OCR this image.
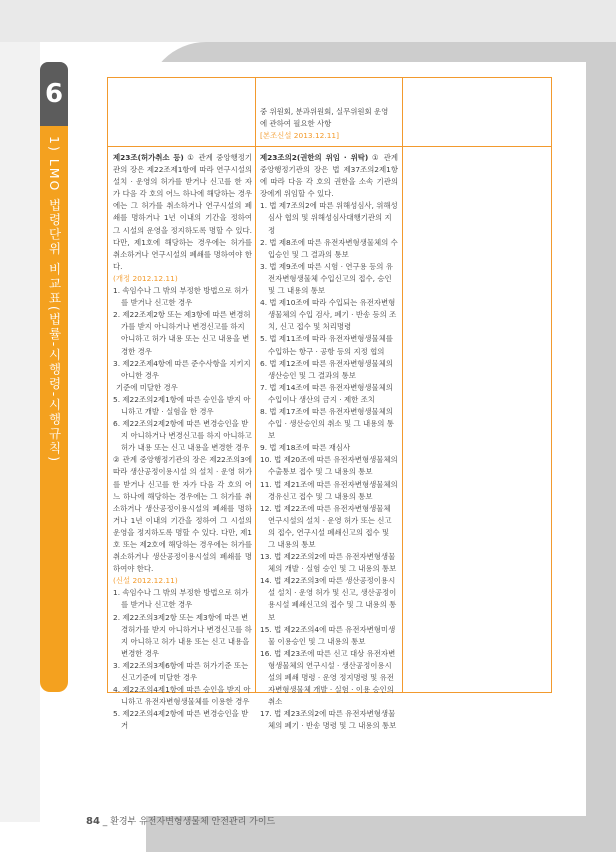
6
1) LMO 법령단위 비교표(법률-시행령-시행규칙)

중 위원회, 분과위원회, 실무위원회 운영

에 관하여 필요한 사항

[본조신설 2013.12.11]

제23조(허가취소 등) ① 관계 중앙행정기관의 장은 제22조제1항에 따라 연구시설의 설치 · 운영의 허가를 받거나 신고를 한 자가 다음 각 호의 어느 하나에 해당하는 경우에는 그 허가를 취소하거나 연구시설의 폐쇄를 명하거나 1년 이내의 기간을 정하여 그 시설의 운영을 정지하도록 명할 수 있다. 다만, 제1호에 해당하는 경우에는 허가를 취소하거나 연구시설의 폐쇄를 명하여야 한다.

(개정 2012.12.11)

1. 속임수나 그 밖의 부정한 방법으로 허가를 받거나 신고한 경우

2. 제22조제2항 또는 제3항에 따른 변경허가를 받지 아니하거나 변경신고를 하지 아니하고 허가 내용 또는 신고 내용을 변경한 경우

3. 제22조제4항에 따른 준수사항을 지키지 아니한 경우

기준에 미달한 경우

5. 제22조의2제1항에 따른 승인을 받지 아니하고 개발 · 실험을 한 경우

6. 제22조의2제2항에 따른 변경승인을 받지 아니하거나 변경신고를 하지 아니하고 허가 내용 또는 신고 내용을 변경한 경우

② 관계 중앙행정기관의 장은 제22조의3에 따라 생산공정이용시설 의 설치 · 운영 허가를 받거나 신고를 한 자가 다음 각 호의 어느 하나에 해당하는 경우에는 그 허가를 취소하거나 생산공정이용시설의 폐쇄를 명하거나 1년 이내의 기간을 정하여 그 시설의 운영을 정지하도록 명할 수 있다. 다만, 제1호 또는 제2호에 해당하는 경우에는 허가를 취소하거나 생산공정이용시설의 폐쇄를 명하여야 한다.

(신설 2012.12.11)

1. 속임수나 그 밖의 부정한 방법으로 허가를 받거나 신고한 경우

2. 제22조의3제2항 또는 제3항에 따른 변경허가를 받지 아니하거나 변경신고를 하지 아니하고 허가 내용 또는 신고 내용을 변경한 경우

3. 제22조의3제6항에 따른 허가기준 또는 신고기준에 미달한 경우

4. 제22조의4제1항에 따른 승인을 받지 아니하고 유전자변형생물체를 이용한 경우

5. 제22조의4제2항에 따른 변경승인을 받거

제23조의2(권한의 위임 · 위탁) ① 관계 중앙행정기관의 장은 법 제37조의2제1항에 따라 다음 각 호의 권한을 소속 기관의 장에게 위임할 수 있다.

1. 법 제7조의2에 따른 위해성심사, 위해성심사 협의 및 위해성심사대행기관의 지정

2. 법 제8조에 따른 유전자변형생물체의 수입승인 및 그 결과의 통보

3. 법 제9조에 따른 시험 · 연구용 등의 유전자변형생물체 수입신고의 접수, 승인 및 그 내용의 통보

4. 법 제10조에 따라 수입되는 유전자변형생물체의 수입 검사, 폐기 · 반송 등의 조치, 신고 접수 및 처리명령

5. 법 제11조에 따라 유전자변형생물체를 수입하는 항구 · 공항 등의 지정 협의

6. 법 제12조에 따른 유전자변형생물체의 생산승인 및 그 결과의 통보

7. 법 제14조에 따른 유전자변형생물체의 수입이나 생산의 금지 · 제한 조치

8. 법 제17조에 따른 유전자변형생물체의 수입 · 생산승인의 취소 및 그 내용의 통보

9. 법 제18조에 따른 재심사

10. 법 제20조에 따른 유전자변형생물체의 수출통보 접수 및 그 내용의 통보

11. 법 제21조에 따른 유전자변형생물체의 경유신고 접수 및 그 내용의 통보

12. 법 제22조에 따른 유전자변형생물체 연구시설의 설치 · 운영 허가 또는 신고의 접수, 연구시설 폐쇄신고의 접수 및 그 내용의 통보

13. 법 제22조의2에 따른 유전자변형생물체의 개발 · 실험 승인 및 그 내용의 통보

14. 법 제22조의3에 따른 생산공정이용시설 설치 · 운영 허가 및 신고, 생산공정이용시설 폐쇄신고의 접수 및 그 내용의 통보

15. 법 제22조의4에 따른 유전자변형미생물 이용승인 및 그 내용의 통보

16. 법 제23조에 따른 신고 대상 유전자변형생물체의 연구시설 · 생산공정이용시설의 폐쇄 명령 · 운영 정지명령 및 유전자변형생물체 개발 · 실험 · 이용 승인의 취소

17. 법 제23조의2에 따른 유전자변형생물체의 폐기 · 반송 명령 및 그 내용의 통보

84 _ 환경부 유전자변형생물체 안전관리 가이드
